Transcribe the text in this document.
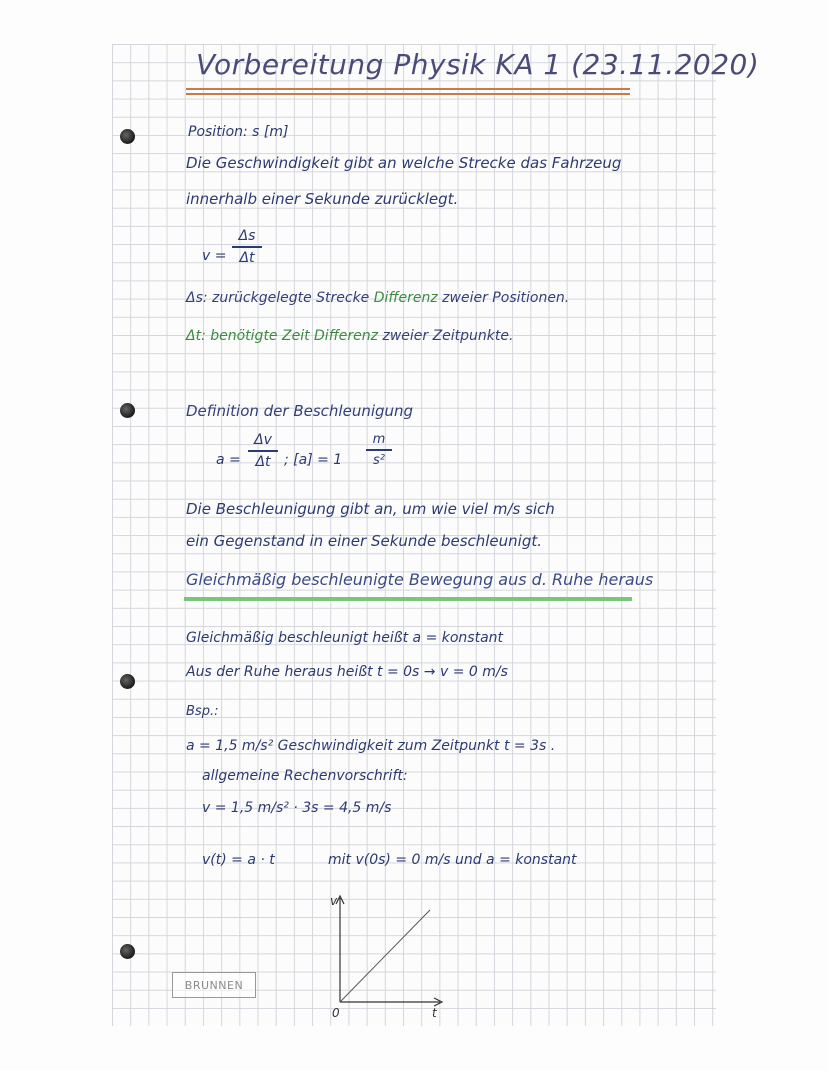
Vorbereitung Physik KA 1 (23.11.2020)
Position: s [m]
Die Geschwindigkeit gibt an welche Strecke das Fahrzeug
innerhalb einer Sekunde zurücklegt.
v =
Δs
Δt
Δs: zurückgelegte Strecke Differenz zweier Positionen.
Δt: benötigte Zeit Differenz zweier Zeitpunkte.
Definition der Beschleunigung
a =
Δv
Δt ; [a] = 1
m
s²
Die Beschleunigung gibt an, um wie viel m/s sich
ein Gegenstand in einer Sekunde beschleunigt.
Gleichmäßig beschleunigte Bewegung aus d. Ruhe heraus
Gleichmäßig beschleunigt heißt a = konstant
Aus der Ruhe heraus heißt t = 0s → v = 0 m/s
Bsp.:
a = 1,5 m/s² Geschwindigkeit zum Zeitpunkt t = 3s .
allgemeine Rechenvorschrift:
v = 1,5 m/s² · 3s = 4,5 m/s
v(t) = a · t	mit v(0s) = 0 m/s und a = konstant
v
t
0
BRUNNEN
